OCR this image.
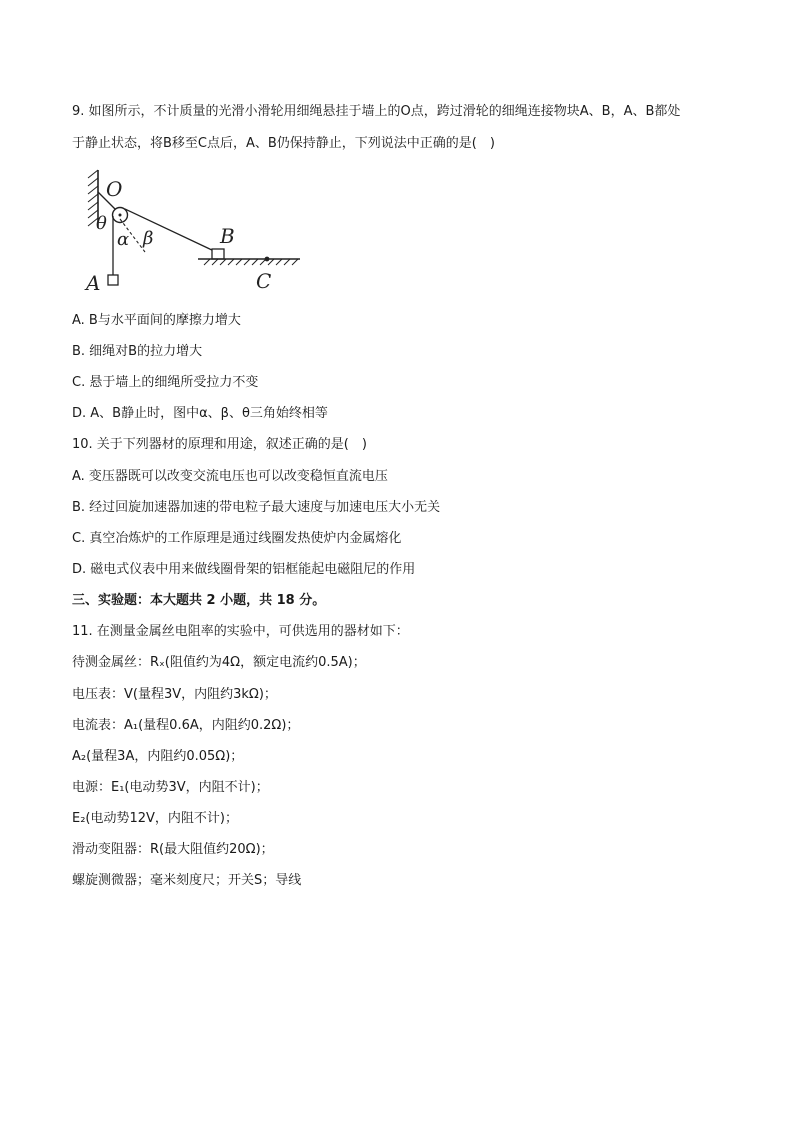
9. 如图所示，不计质量的光滑小滑轮用细绳悬挂于墙上的O点，跨过滑轮的细绳连接物块A、B，A、B都处
于静止状态，将B移至C点后，A、B仍保持静止，下列说法中正确的是(　)
O
θ
α β	B
A	C
A. B与水平面间的摩擦力增大
B. 细绳对B的拉力增大
C. 悬于墙上的细绳所受拉力不变
D. A、B静止时，图中α、β、θ三角始终相等
10. 关于下列器材的原理和用途，叙述正确的是(　)
A. 变压器既可以改变交流电压也可以改变稳恒直流电压
B. 经过回旋加速器加速的带电粒子最大速度与加速电压大小无关
C. 真空冶炼炉的工作原理是通过线圈发热使炉内金属熔化
D. 磁电式仪表中用来做线圈骨架的铝框能起电磁阻尼的作用
三、实验题：本大题共 2 小题，共 18 分。
11. 在测量金属丝电阻率的实验中，可供选用的器材如下：
待测金属丝：Rₓ(阻值约为4Ω，额定电流约0.5A)；
电压表：V(量程3V，内阻约3kΩ)；
电流表：A₁(量程0.6A，内阻约0.2Ω)；
A₂(量程3A，内阻约0.05Ω)；
电源：E₁(电动势3V，内阻不计)；
E₂(电动势12V，内阻不计)；
滑动变阻器：R(最大阻值约20Ω)；
螺旋测微器；毫米刻度尺；开关S；导线
